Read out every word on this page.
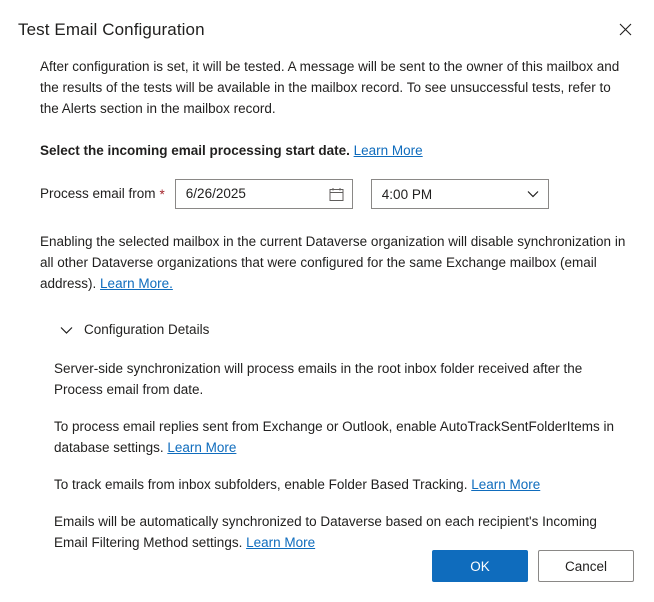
Test Email Configuration

After configuration is set, it will be tested. A message will be sent to the owner of this mailbox and the results of the tests will be available in the mailbox record. To see unsuccessful tests, refer to the Alerts section in the mailbox record.

Select the incoming email processing start date. Learn More
Process email from * 6/26/2025	4:00 PM

Enabling the selected mailbox in the current Dataverse organization will disable synchronization in all other Dataverse organizations that were configured for the same Exchange mailbox (email address). Learn More.

Configuration Details

Server-side synchronization will process emails in the root inbox folder received after the Process email from date.

To process email replies sent from Exchange or Outlook, enable AutoTrackSentFolderItems in database settings. Learn More

To track emails from inbox subfolders, enable Folder Based Tracking. Learn More

Emails will be automatically synchronized to Dataverse based on each recipient's Incoming Email Filtering Method settings. Learn More

OK	Cancel
